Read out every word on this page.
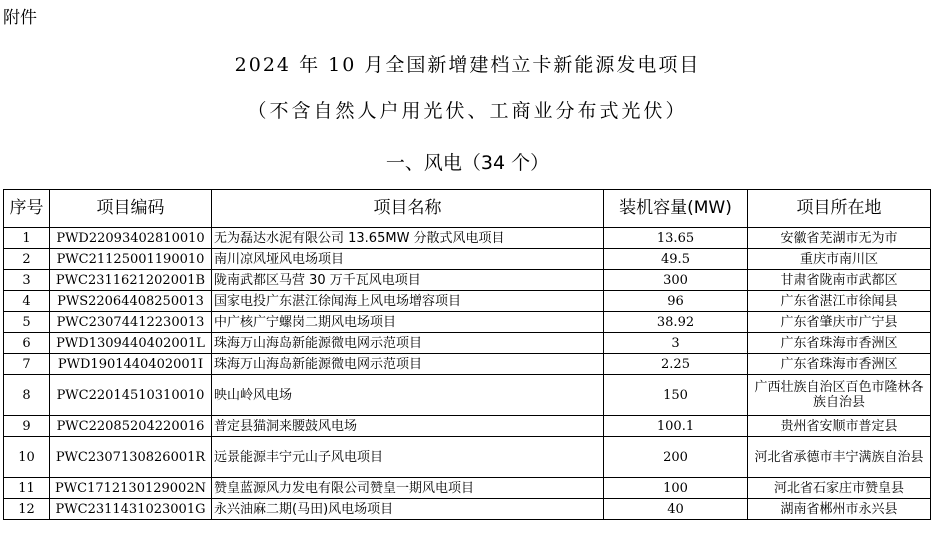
附件
2024 年 10 月全国新增建档立卡新能源发电项目
（不含自然人户用光伏、工商业分布式光伏）
一、风电（34 个）
序号	项目编码	项目名称	装机容量(MW)	项目所在地
1	PWD22093402810010	无为磊达水泥有限公司 13.65MW 分散式风电项目	13.65	安徽省芜湖市无为市
2	PWC21125001190010	南川凉风垭风电场项目	49.5	重庆市南川区
3	PWC2311621202001B	陇南武都区马营 30 万千瓦风电项目	300	甘肃省陇南市武都区
4	PWS22064408250013	国家电投广东湛江徐闻海上风电场增容项目	96	广东省湛江市徐闻县
5	PWC23074412230013	中广核广宁螺岗二期风电场项目	38.92	广东省肇庆市广宁县
6	PWD1309440402001L	珠海万山海岛新能源微电网示范项目	3	广东省珠海市香洲区
7	PWD1901440402001I	珠海万山海岛新能源微电网示范项目	2.25	广东省珠海市香洲区
8	PWC22014510310010	映山岭风电场	150	广西壮族自治区百色市隆林各族自治县
9	PWC22085204220016	普定县猫洞来腰鼓风电场	100.1	贵州省安顺市普定县
10	PWC2307130826001R	远景能源丰宁元山子风电项目	200	河北省承德市丰宁满族自治县
11	PWC1712130129002N	赞皇蓝源风力发电有限公司赞皇一期风电项目	100	河北省石家庄市赞皇县
12	PWC2311431023001G	永兴油麻二期(马田)风电场项目	40	湖南省郴州市永兴县
